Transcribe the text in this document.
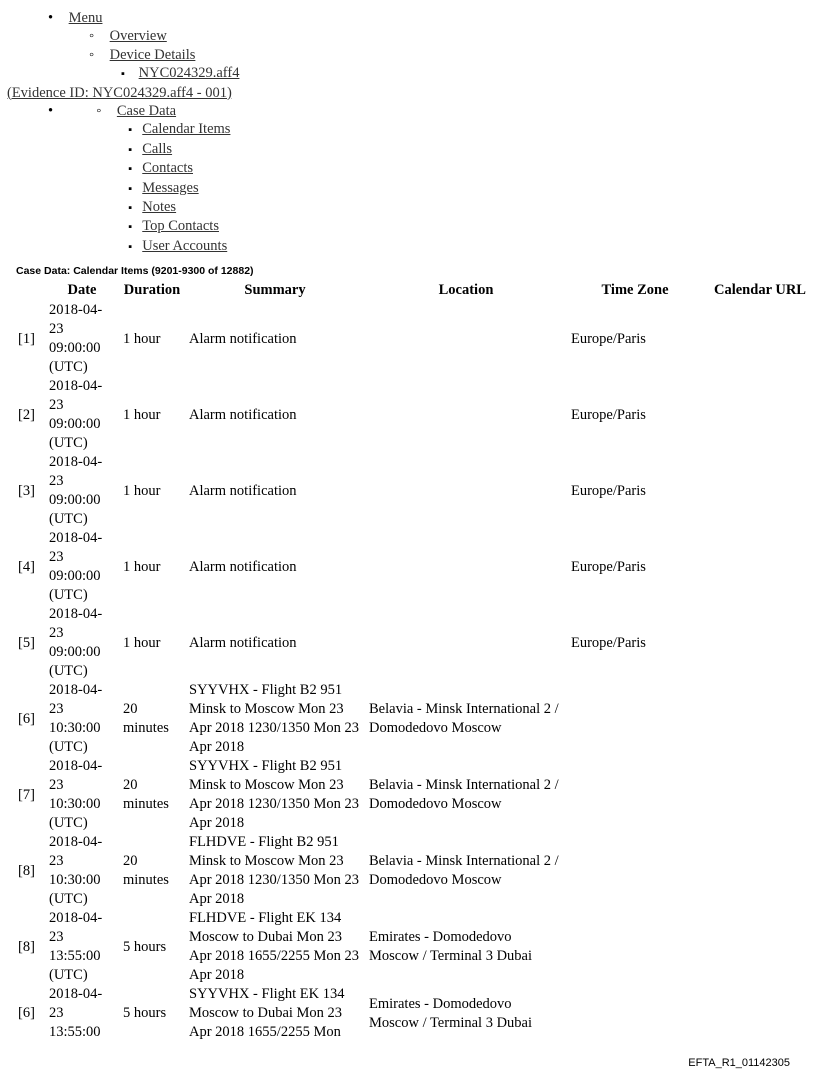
• Menu
◦ Overview
◦ Device Details
▪ NYC024329.aff4
(Evidence ID: NYC024329.aff4 - 001)

◦ • Case Data
▪ Calendar Items
▪ Calls
▪ Contacts
▪ Messages
▪ Notes
▪ Top Contacts
▪ User Accounts

Case Data: Calendar Items (9201-9300 of 12882)

	Date	Duration	Summary	Location	Time Zone	Calendar URL
[1]	2018-04-23 09:00:00 (UTC)	1 hour	Alarm notification		Europe/Paris	
[2]	2018-04-23 09:00:00 (UTC)	1 hour	Alarm notification		Europe/Paris	
[3]	2018-04-23 09:00:00 (UTC)	1 hour	Alarm notification		Europe/Paris	
[4]	2018-04-23 09:00:00 (UTC)	1 hour	Alarm notification		Europe/Paris	
[5]	2018-04-23 09:00:00 (UTC)	1 hour	Alarm notification		Europe/Paris	
[6]	2018-04-23 10:30:00 (UTC)	20 minutes	SYYVHX - Flight B2 951 Minsk to Moscow Mon 23 Apr 2018 1230/1350 Mon 23 Apr 2018	Belavia - Minsk International 2 / Domodedovo Moscow		
[7]	2018-04-23 10:30:00 (UTC)	20 minutes	SYYVHX - Flight B2 951 Minsk to Moscow Mon 23 Apr 2018 1230/1350 Mon 23 Apr 2018	Belavia - Minsk International 2 / Domodedovo Moscow		
[8]	2018-04-23 10:30:00 (UTC)	20 minutes	FLHDVE - Flight B2 951 Minsk to Moscow Mon 23 Apr 2018 1230/1350 Mon 23 Apr 2018	Belavia - Minsk International 2 / Domodedovo Moscow		
[8]	2018-04-23 13:55:00 (UTC)	5 hours	FLHDVE - Flight EK 134 Moscow to Dubai Mon 23 Apr 2018 1655/2255 Mon 23 Apr 2018	Emirates - Domodedovo Moscow / Terminal 3 Dubai		
[6]	2018-04-23 13:55:00	5 hours	SYYVHX - Flight EK 134 Moscow to Dubai Mon 23 Apr 2018 1655/2255 Mon	Emirates - Domodedovo Moscow / Terminal 3 Dubai		
EFTA_R1_01142305
